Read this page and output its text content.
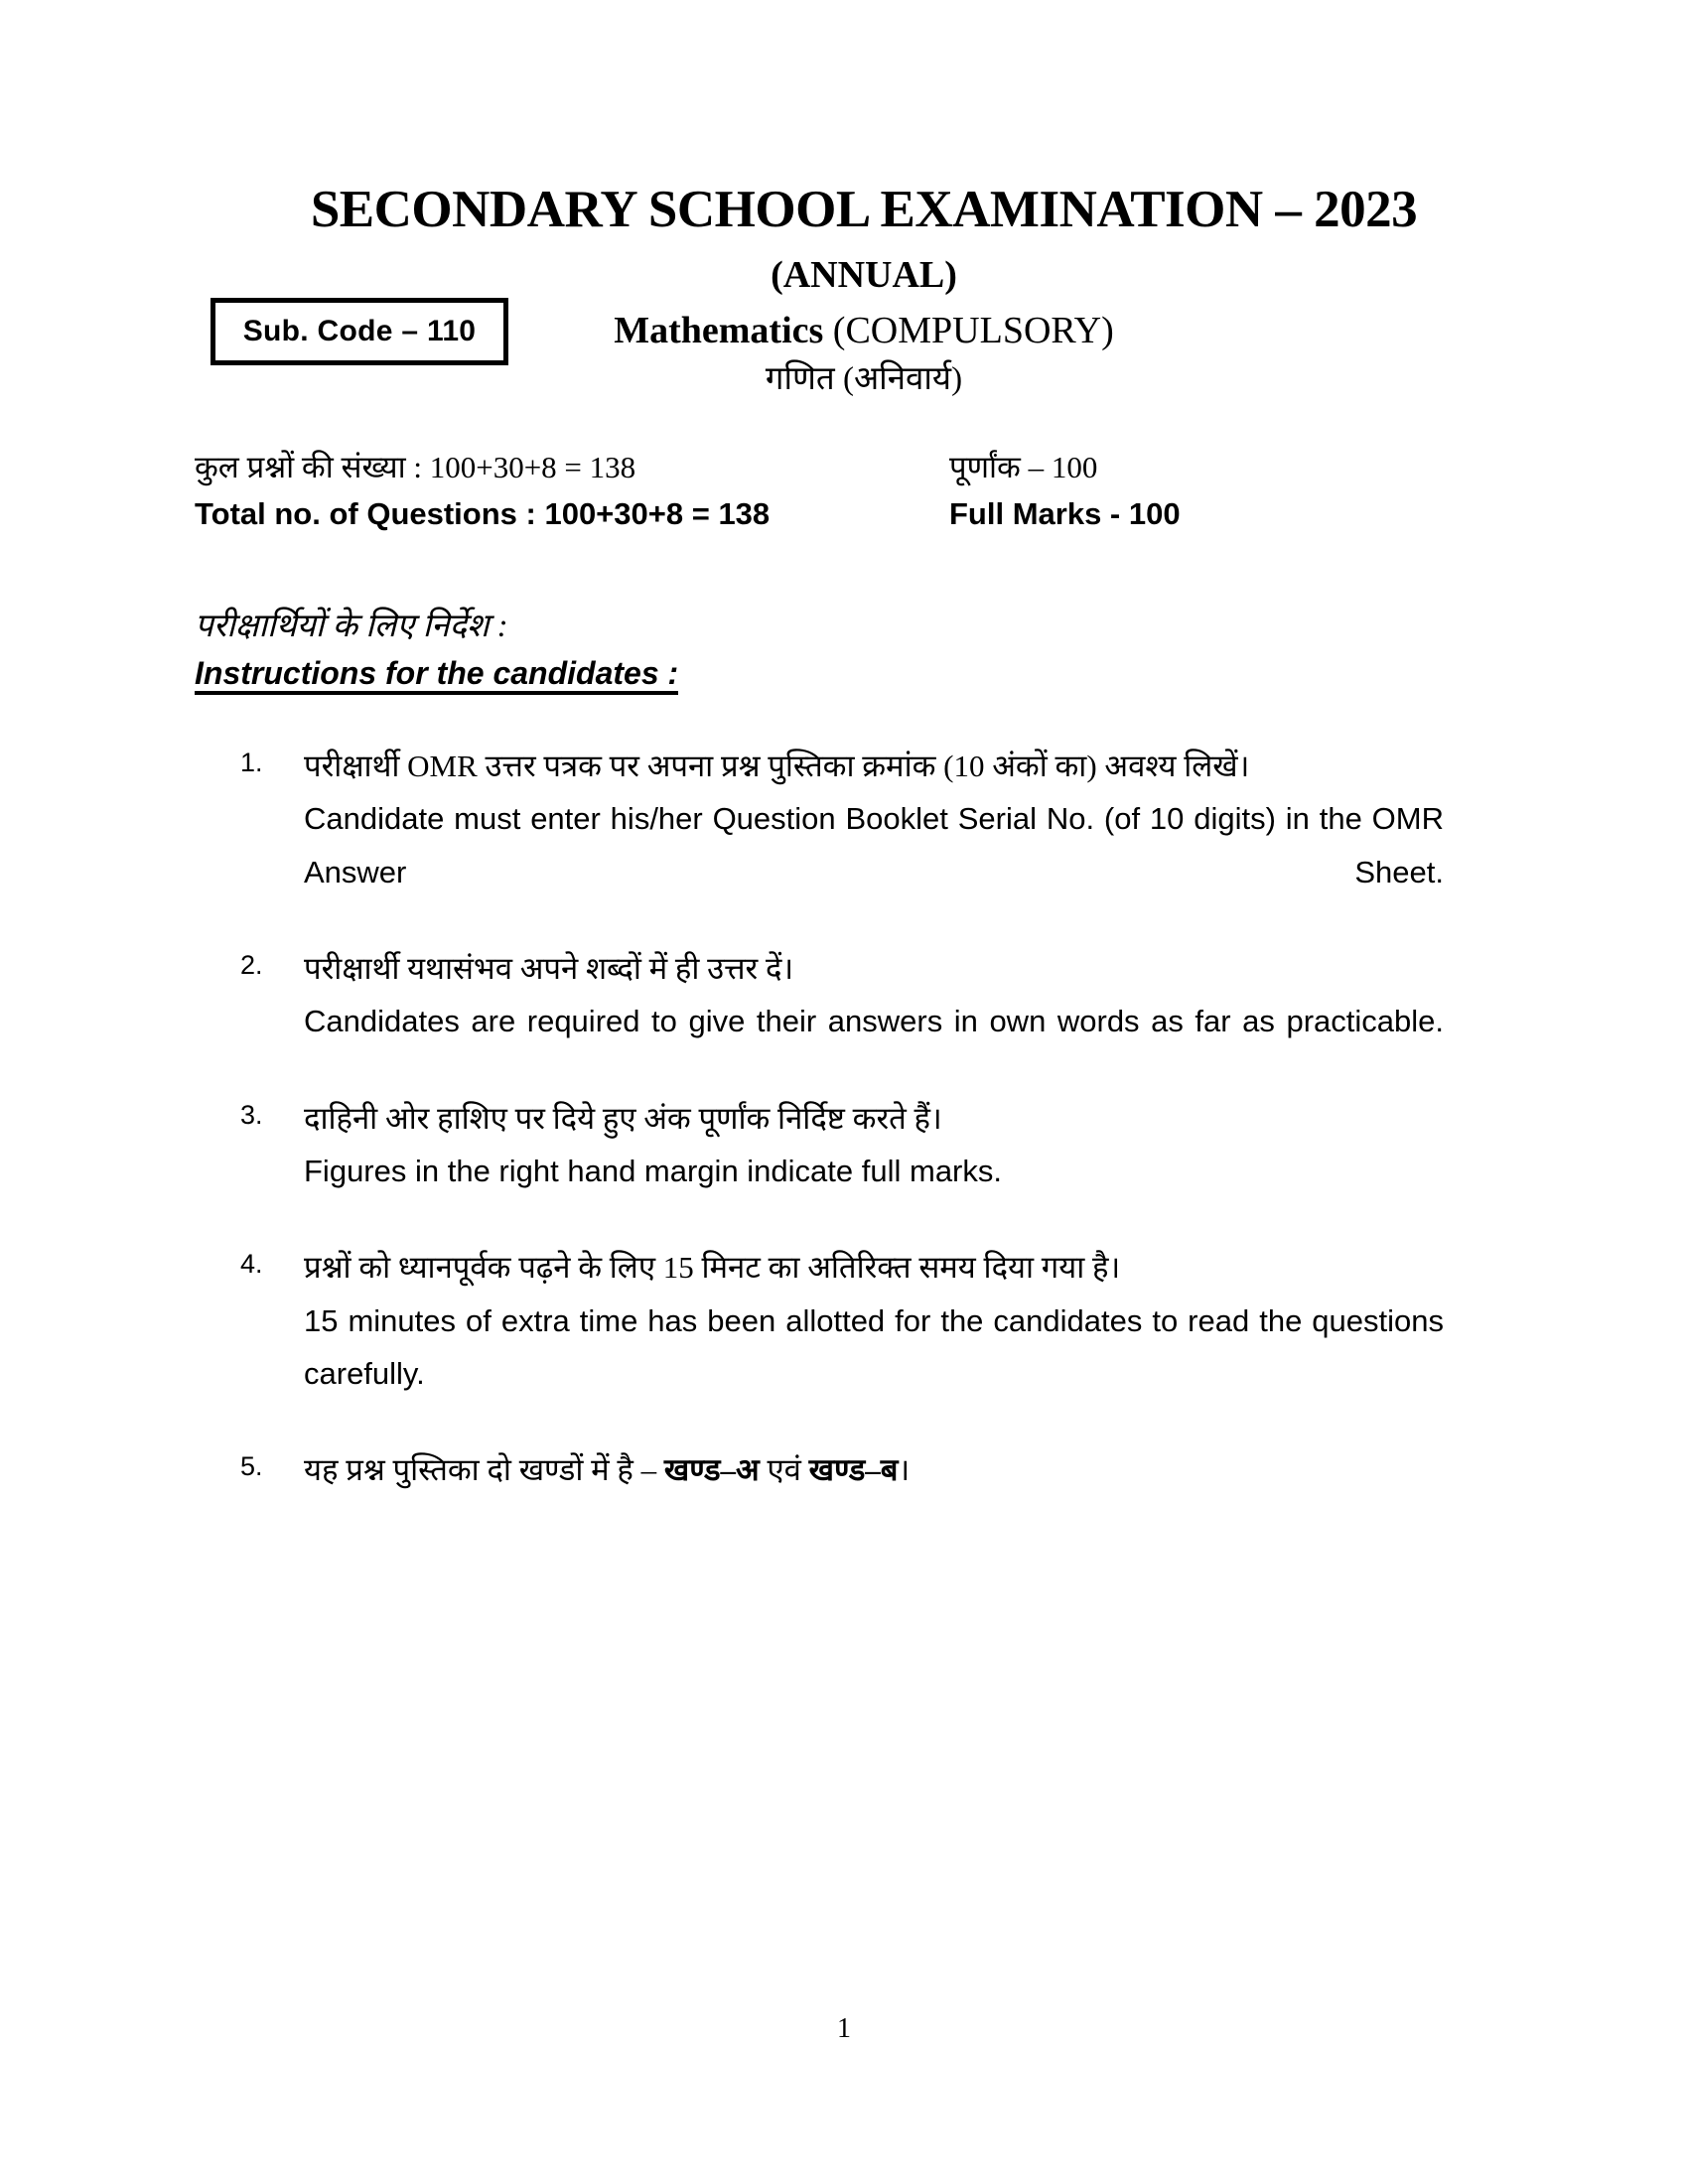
SECONDARY SCHOOL EXAMINATION – 2023
(ANNUAL)
Mathematics (COMPULSORY)
गणित (अनिवार्य)
Sub. Code – 110
कुल प्रश्नों की संख्या : 100+30+8 = 138	पूर्णांक – 100
Total no. of Questions : 100+30+8 = 138	Full Marks - 100
परीक्षार्थियों के लिए निर्देश :
Instructions for the candidates :
1.	परीक्षार्थी OMR उत्तर पत्रक पर अपना प्रश्न पुस्तिका क्रमांक (10 अंकों का) अवश्य लिखें।

Candidate must enter his/her Question Booklet Serial No. (of 10 digits) in the OMR Answer Sheet.

2.	परीक्षार्थी यथासंभव अपने शब्दों में ही उत्तर दें।

Candidates are required to give their answers in own words as far as practicable.

3.	दाहिनी ओर हाशिए पर दिये हुए अंक पूर्णांक निर्दिष्ट करते हैं।

Figures in the right hand margin indicate full marks.

4.	प्रश्नों को ध्यानपूर्वक पढ़ने के लिए 15 मिनट का अतिरिक्त समय दिया गया है।

15 minutes of extra time has been allotted for the candidates to read the questions carefully.

5.	यह प्रश्न पुस्तिका दो खण्डों में है – खण्ड–अ एवं खण्ड–ब।

1
